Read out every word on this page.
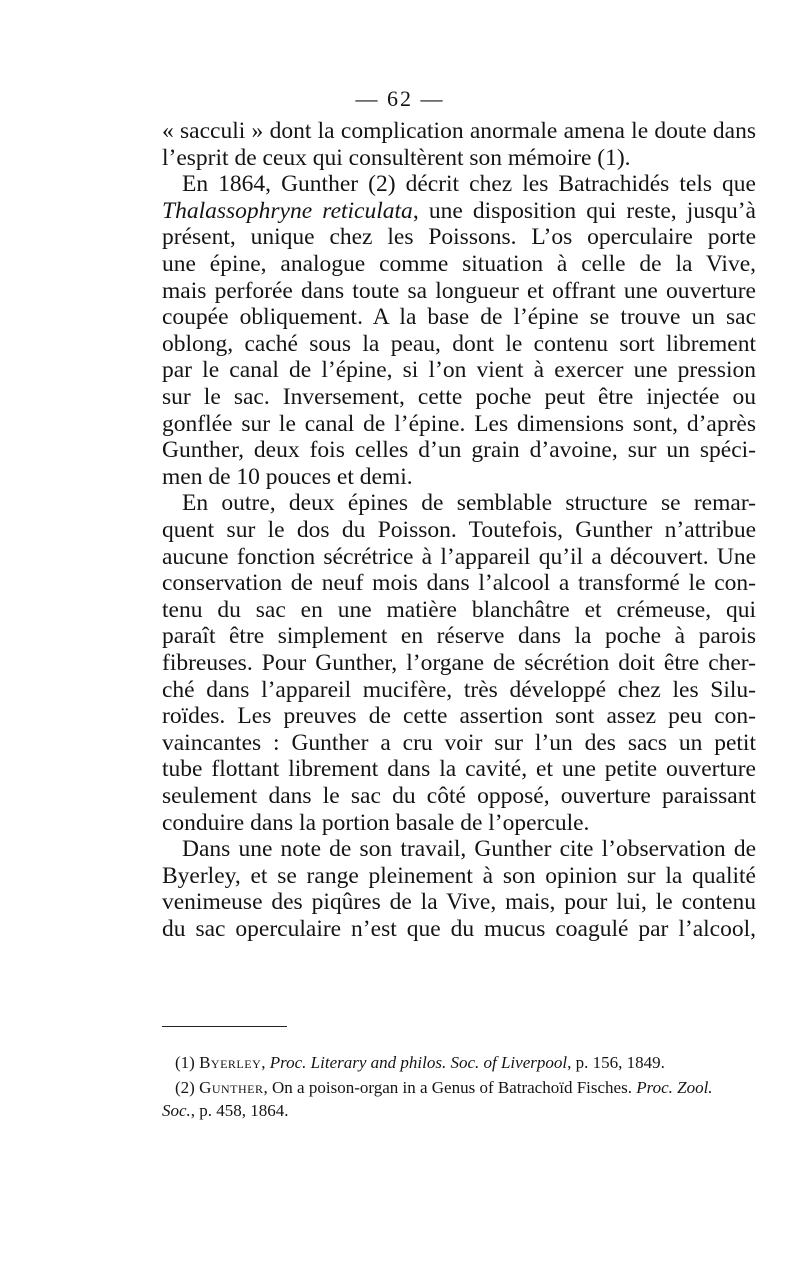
— 62 —
« sacculi » dont la complication anormale amena le doute dans
l’esprit de ceux qui consultèrent son mémoire (1).
En 1864, Gunther (2) décrit chez les Batrachidés tels que
Thalassophryne reticulata, une disposition qui reste, jusqu’à
présent, unique chez les Poissons. L’os operculaire porte
une épine, analogue comme situation à celle de la Vive,
mais perforée dans toute sa longueur et offrant une ouverture
coupée obliquement. A la base de l’épine se trouve un sac
oblong, caché sous la peau, dont le contenu sort librement
par le canal de l’épine, si l’on vient à exercer une pression
sur le sac. Inversement, cette poche peut être injectée ou
gonflée sur le canal de l’épine. Les dimensions sont, d’après
Gunther, deux fois celles d’un grain d’avoine, sur un spéci-
men de 10 pouces et demi.
En outre, deux épines de semblable structure se remar-
quent sur le dos du Poisson. Toutefois, Gunther n’attribue
aucune fonction sécrétrice à l’appareil qu’il a découvert. Une
conservation de neuf mois dans l’alcool a transformé le con-
tenu du sac en une matière blanchâtre et crémeuse, qui
paraît être simplement en réserve dans la poche à parois
fibreuses. Pour Gunther, l’organe de sécrétion doit être cher-
ché dans l’appareil mucifère, très développé chez les Silu-
roïdes. Les preuves de cette assertion sont assez peu con-
vaincantes : Gunther a cru voir sur l’un des sacs un petit
tube flottant librement dans la cavité, et une petite ouverture
seulement dans le sac du côté opposé, ouverture paraissant
conduire dans la portion basale de l’opercule.
Dans une note de son travail, Gunther cite l’observation de
Byerley, et se range pleinement à son opinion sur la qualité
venimeuse des piqûres de la Vive, mais, pour lui, le contenu
du sac operculaire n’est que du mucus coagulé par l’alcool,
(1) Byerley, Proc. Literary and philos. Soc. of Liverpool, p. 156, 1849.
(2) Gunther, On a poison-organ in a Genus of Batrachoïd Fisches. Proc. Zool.
Soc., p. 458, 1864.
